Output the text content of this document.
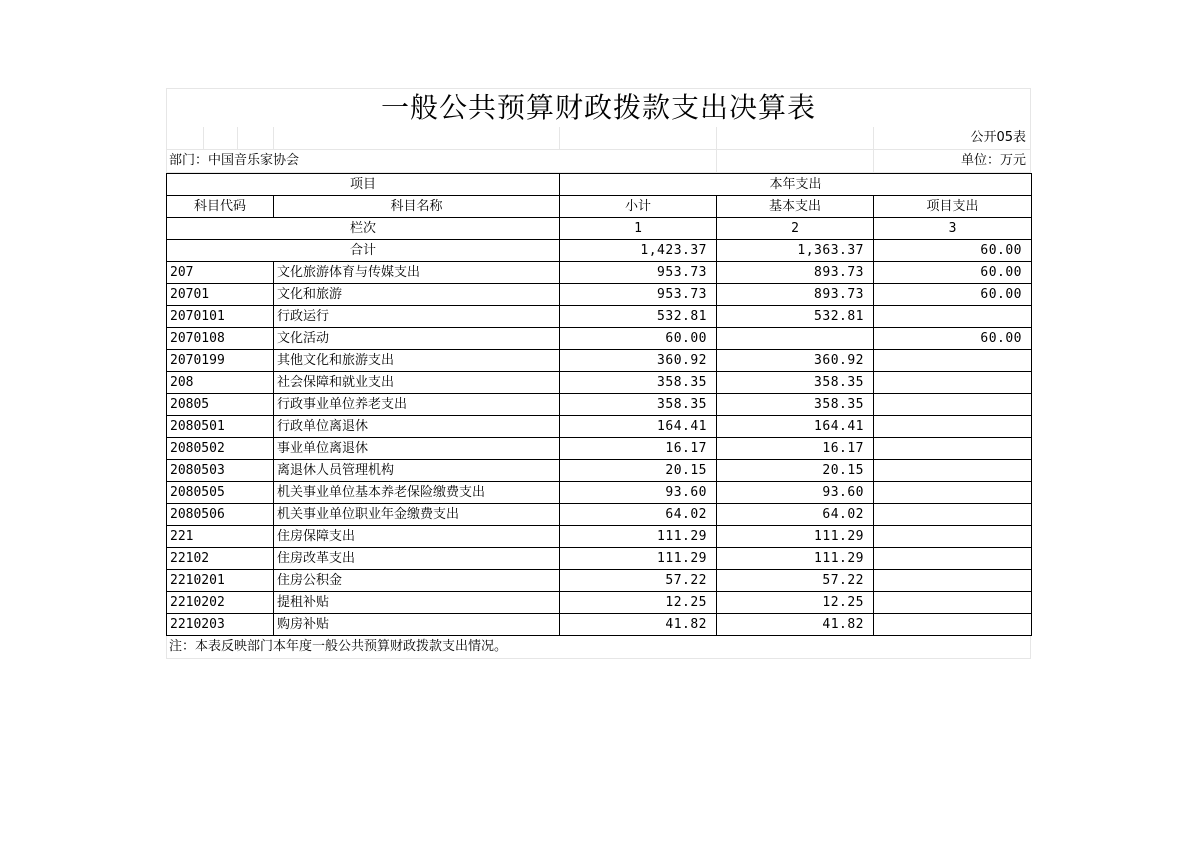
一般公共预算财政拨款支出决算表
公开05表
部门：中国音乐家协会	单位：万元
项目		本年支出		
科目代码	科目名称	小计	基本支出	项目支出
栏次		1	2	3
合计		1,423.37	1,363.37	60.00
207	文化旅游体育与传媒支出	953.73	893.73	60.00
20701	文化和旅游	953.73	893.73	60.00
2070101	行政运行	532.81	532.81	
2070108	文化活动	60.00		60.00
2070199	其他文化和旅游支出	360.92	360.92	
208	社会保障和就业支出	358.35	358.35	
20805	行政事业单位养老支出	358.35	358.35	
2080501	行政单位离退休	164.41	164.41	
2080502	事业单位离退休	16.17	16.17	
2080503	离退休人员管理机构	20.15	20.15	
2080505	机关事业单位基本养老保险缴费支出	93.60	93.60	
2080506	机关事业单位职业年金缴费支出	64.02	64.02	
221	住房保障支出	111.29	111.29	
22102	住房改革支出	111.29	111.29	
2210201	住房公积金	57.22	57.22	
2210202	提租补贴	12.25	12.25	
2210203	购房补贴	41.82	41.82	
注：本表反映部门本年度一般公共预算财政拨款支出情况。
